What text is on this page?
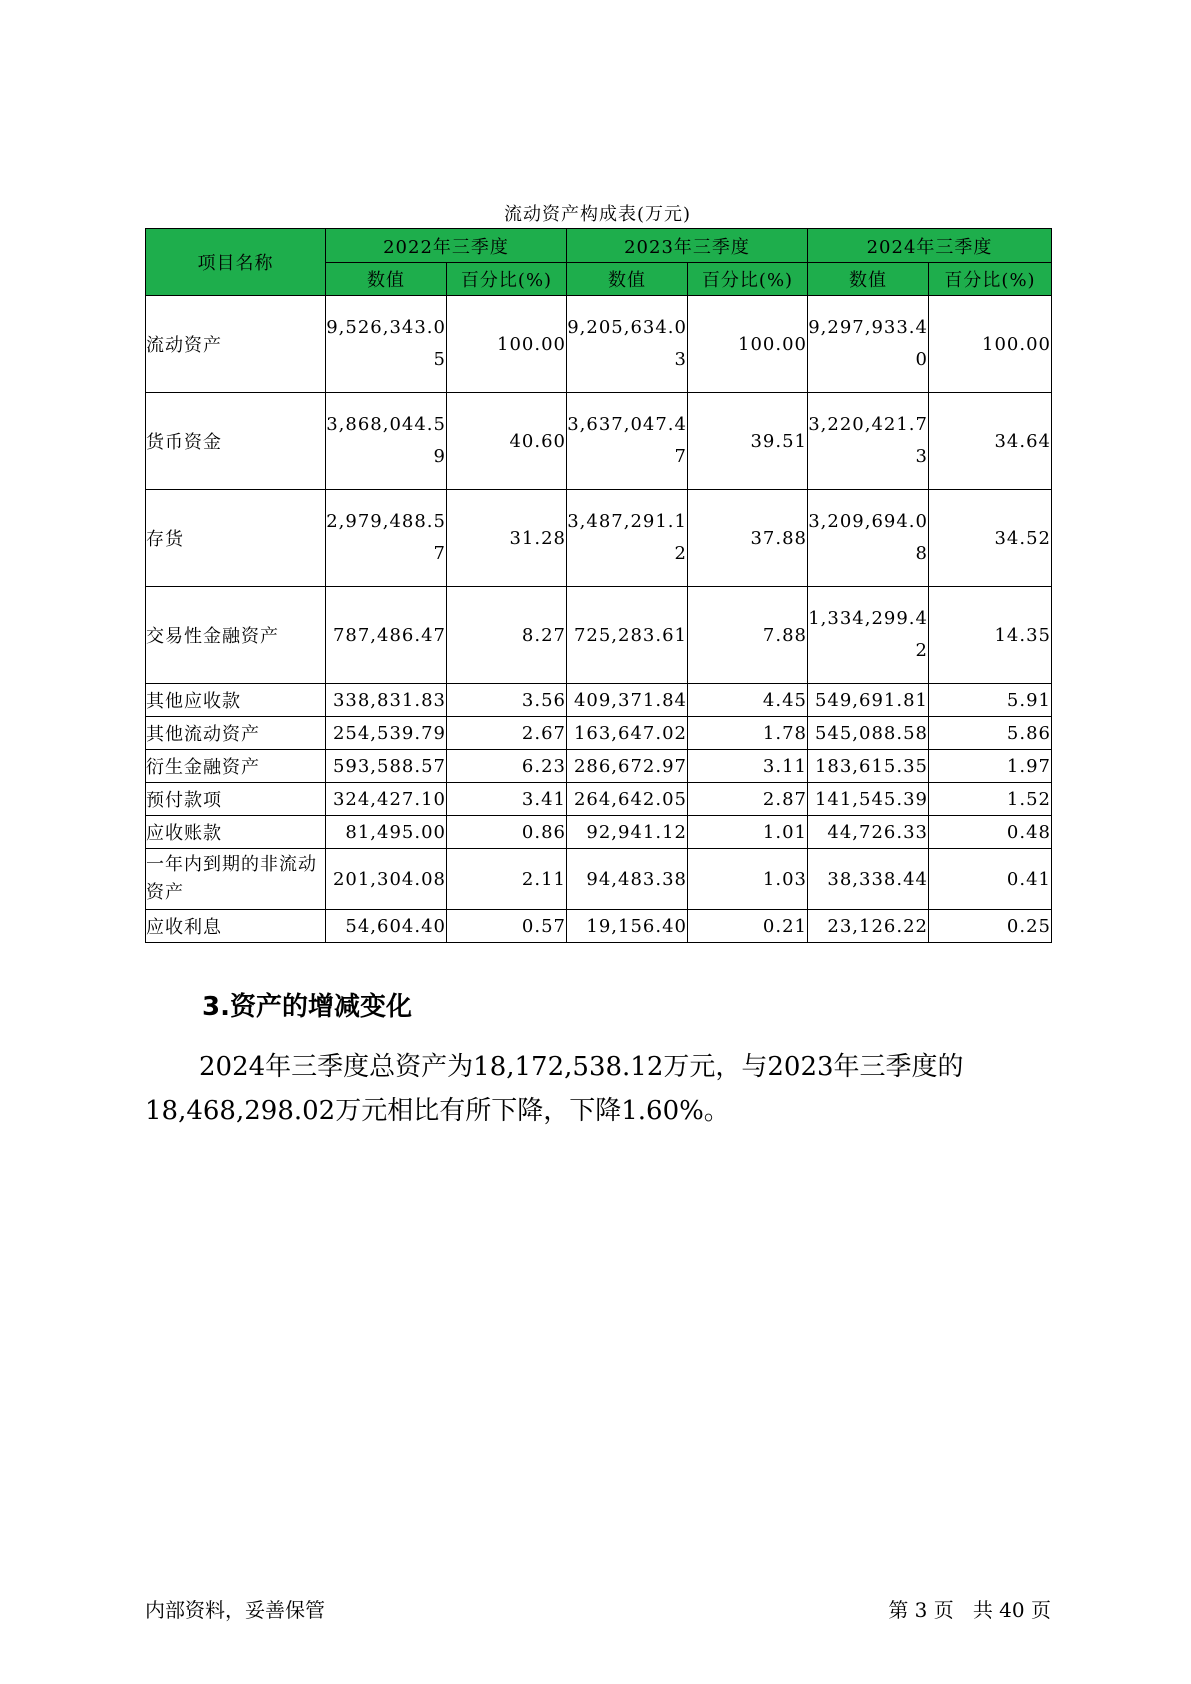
流动资产构成表(万元)
项目名称	2022年三季度		2023年三季度		2024年三季度	
	数值	百分比(%)	数值	百分比(%)	数值	百分比(%)
流动资产	9,526,343.05	100.00	9,205,634.03	100.00	9,297,933.40	100.00
货币资金	3,868,044.59	40.60	3,637,047.47	39.51	3,220,421.73	34.64
存货	2,979,488.57	31.28	3,487,291.12	37.88	3,209,694.08	34.52
交易性金融资产	787,486.47	8.27	725,283.61	7.88	1,334,299.42	14.35
其他应收款	338,831.83	3.56	409,371.84	4.45	549,691.81	5.91
其他流动资产	254,539.79	2.67	163,647.02	1.78	545,088.58	5.86
衍生金融资产	593,588.57	6.23	286,672.97	3.11	183,615.35	1.97
预付款项	324,427.10	3.41	264,642.05	2.87	141,545.39	1.52
应收账款	81,495.00	0.86	92,941.12	1.01	44,726.33	0.48
一年内到期的非流动资产	201,304.08	2.11	94,483.38	1.03	38,338.44	0.41
应收利息	54,604.40	0.57	19,156.40	0.21	23,126.22	0.25
3.资产的增减变化

2024年三季度总资产为18,172,538.12万元，与2023年三季度的18,468,298.02万元相比有所下降，下降1.60%。

内部资料，妥善保管	第 3 页   共 40 页
